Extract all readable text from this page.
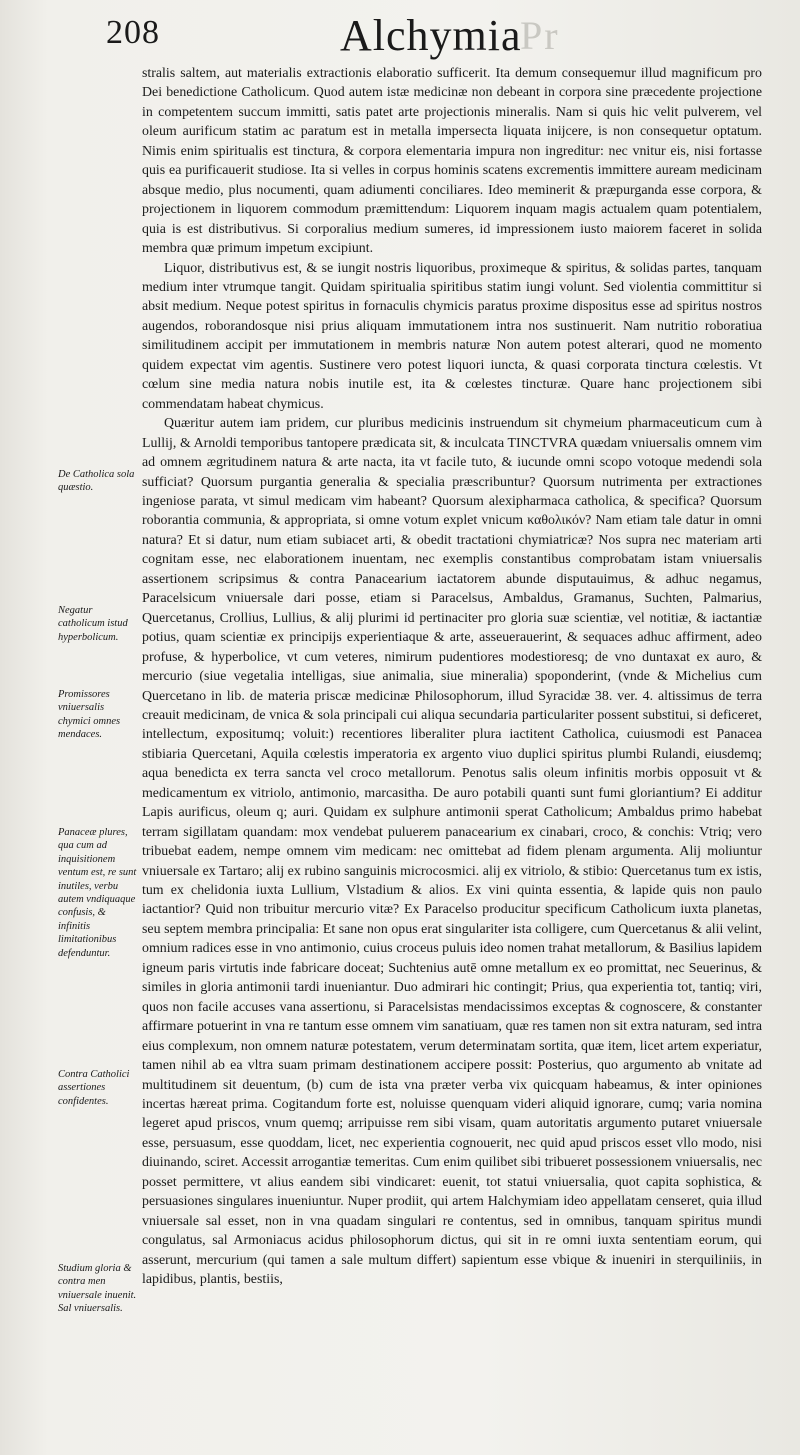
208	Alchymia
Pr

stralis saltem, aut materialis extractionis elaboratio sufficerit. Ita demum consequemur illud magnificum pro Dei benedictione Catholicum. Quod autem istæ medicinæ non debeant in corpora sine præcedente projectione in competentem succum immitti, satis patet arte projectionis mineralis. Nam si quis hic velit pulverem, vel oleum aurificum statim ac paratum est in metalla impersecta liquata inijcere, is non consequetur optatum. Nimis enim spiritualis est tinctura, & corpora elementaria impura non ingreditur: nec vnitur eis, nisi fortasse quis ea purificauerit studiose. Ita si velles in corpus hominis scatens excrementis immittere auream medicinam absque medio, plus nocumenti, quam adiumenti conciliares. Ideo meminerit & præpurganda esse corpora, & projectionem in liquorem commodum præmittendum: Liquorem inquam magis actualem quam potentialem, quia is est distributivus. Si corporalius medium sumeres, id impressionem iusto maiorem faceret in solida membra quæ primum impetum excipiunt.

Liquor, distributivus est, & se iungit nostris liquoribus, proximeque & spiritus, & solidas partes, tanquam medium inter vtrumque tangit. Quidam spiritualia spiritibus statim iungi volunt. Sed violentia committitur si absit medium. Neque potest spiritus in fornaculis chymicis paratus proxime dispositus esse ad spiritus nostros augendos, roborandosque nisi prius aliquam immutationem intra nos sustinuerit. Nam nutritio roboratiua similitudinem accipit per immutationem in membris naturæ Non autem potest alterari, quod ne momento quidem expectat vim agentis. Sustinere vero potest liquori iuncta, & quasi corporata tinctura cœlestis. Vt cœlum sine media natura nobis inutile est, ita & cœlestes tincturæ. Quare hanc projectionem sibi commendatam habeat chymicus.

Quæritur autem iam pridem, cur pluribus medicinis instruendum sit chymeium pharmaceuticum cum à Lullij, & Arnoldi temporibus tantopere prædicata sit, & inculcata TINCTVRA quædam vniuersalis omnem vim ad omnem ægritudinem natura & arte nacta, ita vt facile tuto, & iucunde omni scopo votoque medendi sola sufficiat? Quorsum purgantia generalia & specialia præscribuntur? Quorsum nutrimenta per extractiones ingeniose parata, vt simul medicam vim habeant? Quorsum alexipharmaca catholica, & specifica? Quorsum roborantia communia, & appropriata, si omne votum explet vnicum καθολικόν? Nam etiam tale datur in omni natura? Et si datur, num etiam subiacet arti, & obedit tractationi chymiatricæ? Nos supra nec materiam arti cognitam esse, nec elaborationem inuentam, nec exemplis constantibus comprobatam istam vniuersalis assertionem scripsimus & contra Panacearium iactatorem abunde disputauimus, & adhuc negamus, Paracelsicum vniuersale dari posse, etiam si Paracelsus, Ambaldus, Gramanus, Suchten, Palmarius, Quercetanus, Crollius, Lullius, & alij plurimi id pertinaciter pro gloria suæ scientiæ, vel notitiæ, & iactantiæ potius, quam scientiæ ex principijs experientiaque & arte, asseuerauerint, & sequaces adhuc affirment, adeo profuse, & hyperbolice, vt cum veteres, nimirum pudentiores modestioresq; de vno duntaxat ex auro, & mercurio (siue vegetalia intelligas, siue animalia, siue mineralia) spoponderint, (vnde & Michelius cum Quercetano in lib. de materia priscæ medicinæ Philosophorum, illud Syracidæ 38. ver. 4. altissimus de terra creauit medicinam, de vnica & sola principali cui aliqua secundaria particulariter possent substitui, si deficeret, intellectum, expositumq; voluit:) recentiores liberaliter plura iactitent Catholica, cuiusmodi est Panacea stibiaria Quercetani, Aquila cœlestis imperatoria ex argento viuo duplici spiritus plumbi Rulandi, eiusdemq; aqua benedicta ex terra sancta vel croco metallorum. Penotus salis oleum infinitis morbis opposuit vt & medicamentum ex vitriolo, antimonio, marcasitha. De auro potabili quanti sunt fumi gloriantium? Ei additur Lapis aurificus, oleum q; auri. Quidam ex sulphure antimonii sperat Catholicum; Ambaldus primo habebat terram sigillatam quandam: mox vendebat puluerem panacearium ex cinabari, croco, & conchis: Vtriq; vero tribuebat eadem, nempe omnem vim medicam: nec omittebat ad fidem plenam argumenta. Alij moliuntur vniuersale ex Tartaro; alij ex rubino sanguinis microcosmici. alij ex vitriolo, & stibio: Quercetanus tum ex istis, tum ex chelidonia iuxta Lullium, Vlstadium & alios. Ex vini quinta essentia, & lapide quis non paulo iactantior? Quid non tribuitur mercurio vitæ? Ex Paracelso producitur specificum Catholicum iuxta planetas, seu septem membra principalia: Et sane non opus erat singulariter ista colligere, cum Quercetanus & alii velint, omnium radices esse in vno antimonio, cuius croceus puluis ideo nomen trahat metallorum, & Basilius lapidem igneum paris virtutis inde fabricare doceat; Suchtenius autē omne metallum ex eo promittat, nec Seuerinus, & similes in gloria antimonii tardi inueniantur. Duo admirari hic contingit; Prius, qua experientia tot, tantiq; viri, quos non facile accuses vana assertionu, si Paracelsistas mendacissimos exceptas & cognoscere, & constanter affirmare potuerint in vna re tantum esse omnem vim sanatiuam, quæ res tamen non sit extra naturam, sed intra eius complexum, non omnem naturæ potestatem, verum determinatam sortita, quæ item, licet artem experiatur, tamen nihil ab ea vltra suam primam destinationem accipere possit: Posterius, quo argumento ab vnitate ad multitudinem sit deuentum, (b) cum de ista vna præter verba vix quicquam habeamus, & inter opiniones incertas hæreat prima. Cogitandum forte est, noluisse quenquam videri aliquid ignorare, cumq; varia nomina legeret apud priscos, vnum quemq; arripuisse rem sibi visam, quam autoritatis argumento putaret vniuersale esse, persuasum, esse quoddam, licet, nec experientia cognouerit, nec quid apud priscos esset vllo modo, nisi diuinando, sciret. Accessit arrogantiæ temeritas. Cum enim quilibet sibi tribueret possessionem vniuersalis, nec posset permittere, vt alius eandem sibi vindicaret: euenit, tot statui vniuersalia, quot capita sophistica, & persuasiones singulares inueniuntur. Nuper prodiit, qui artem Halchymiam ideo appellatam censeret, quia illud vniuersale sal esset, non in vna quadam singulari re contentus, sed in omnibus, tanquam spiritus mundi congulatus, sal Armoniacus acidus philosophorum dictus, qui sit in re omni iuxta sententiam eorum, qui asserunt, mercurium (qui tamen a sale multum differt) sapientum esse vbique & inueniri in sterquiliniis, in lapidibus, plantis, bestiis,

De Catholica sola quæstio.
Negatur catholicum istud hyperbolicum.
Promissores vniuersalis chymici omnes mendaces.
Panaceæ plures, qua cum ad inquisitionem ventum est, re sunt inutiles, verbu autem vndiquaque confusis, & infinitis limitationibus defenduntur.
Contra Catholici assertiones confidentes.
Studium gloria & contra men vniuersale inuenit. Sal vniuersalis.
